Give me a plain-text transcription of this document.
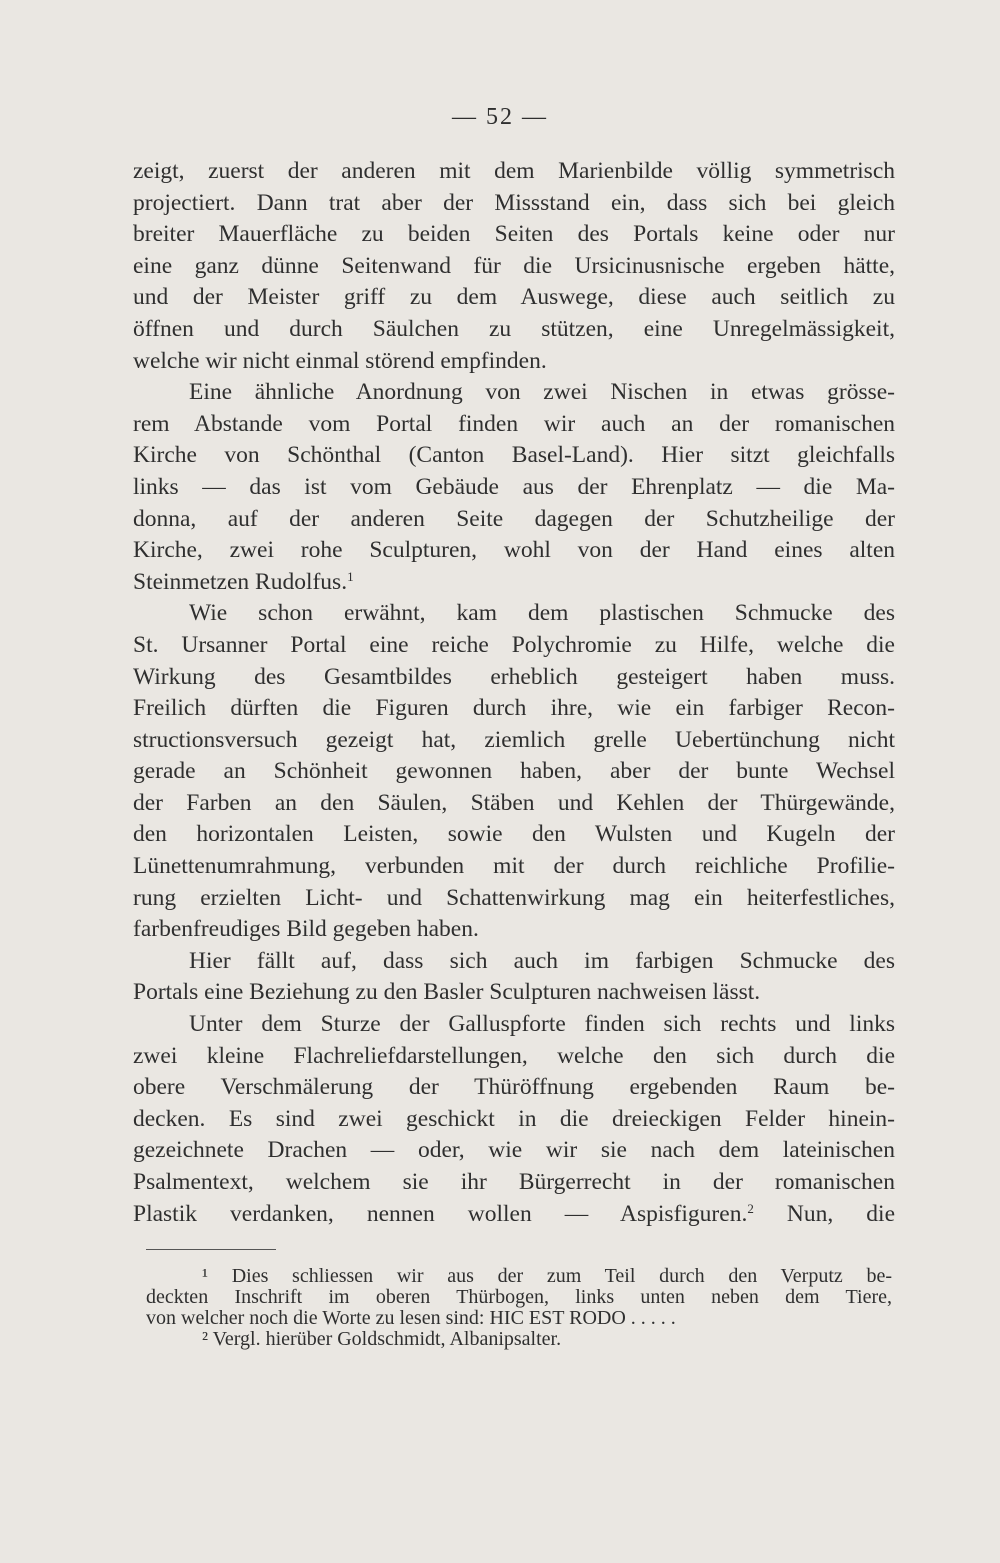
— 52 —
zeigt, zuerst der anderen mit dem Marienbilde völlig symmetrisch
projectiert. Dann trat aber der Missstand ein, dass sich bei gleich
breiter Mauerfläche zu beiden Seiten des Portals keine oder nur
eine ganz dünne Seitenwand für die Ursicinusnische ergeben hätte,
und der Meister griff zu dem Auswege, diese auch seitlich zu
öffnen und durch Säulchen zu stützen, eine Unregelmässigkeit,
welche wir nicht einmal störend empfinden.
Eine ähnliche Anordnung von zwei Nischen in etwas grösse-
rem Abstande vom Portal finden wir auch an der romanischen
Kirche von Schönthal (Canton Basel-Land). Hier sitzt gleichfalls
links — das ist vom Gebäude aus der Ehrenplatz — die Ma-
donna, auf der anderen Seite dagegen der Schutzheilige der
Kirche, zwei rohe Sculpturen, wohl von der Hand eines alten
Steinmetzen Rudolfus.$^1$
Wie schon erwähnt, kam dem plastischen Schmucke des
St. Ursanner Portal eine reiche Polychromie zu Hilfe, welche die
Wirkung des Gesamtbildes erheblich gesteigert haben muss.
Freilich dürften die Figuren durch ihre, wie ein farbiger Recon-
structionsversuch gezeigt hat, ziemlich grelle Uebertünchung nicht
gerade an Schönheit gewonnen haben, aber der bunte Wechsel
der Farben an den Säulen, Stäben und Kehlen der Thürgewände,
den horizontalen Leisten, sowie den Wulsten und Kugeln der
Lünettenumrahmung, verbunden mit der durch reichliche Profilie-
rung erzielten Licht- und Schattenwirkung mag ein heiterfestliches,
farbenfreudiges Bild gegeben haben.
Hier fällt auf, dass sich auch im farbigen Schmucke des
Portals eine Beziehung zu den Basler Sculpturen nachweisen lässt.
Unter dem Sturze der Galluspforte finden sich rechts und links
zwei kleine Flachreliefdarstellungen, welche den sich durch die
obere Verschmälerung der Thüröffnung ergebenden Raum be-
decken. Es sind zwei geschickt in die dreieckigen Felder hinein-
gezeichnete Drachen — oder, wie wir sie nach dem lateinischen
Psalmentext, welchem sie ihr Bürgerrecht in der romanischen
Plastik verdanken, nennen wollen — Aspisfiguren.$^2$ Nun, die
¹ Dies schliessen wir aus der zum Teil durch den Verputz be-
deckten Inschrift im oberen Thürbogen, links unten neben dem Tiere,
von welcher noch die Worte zu lesen sind: HIC EST RODO . . . . .
² Vergl. hierüber Goldschmidt, Albanipsalter.
